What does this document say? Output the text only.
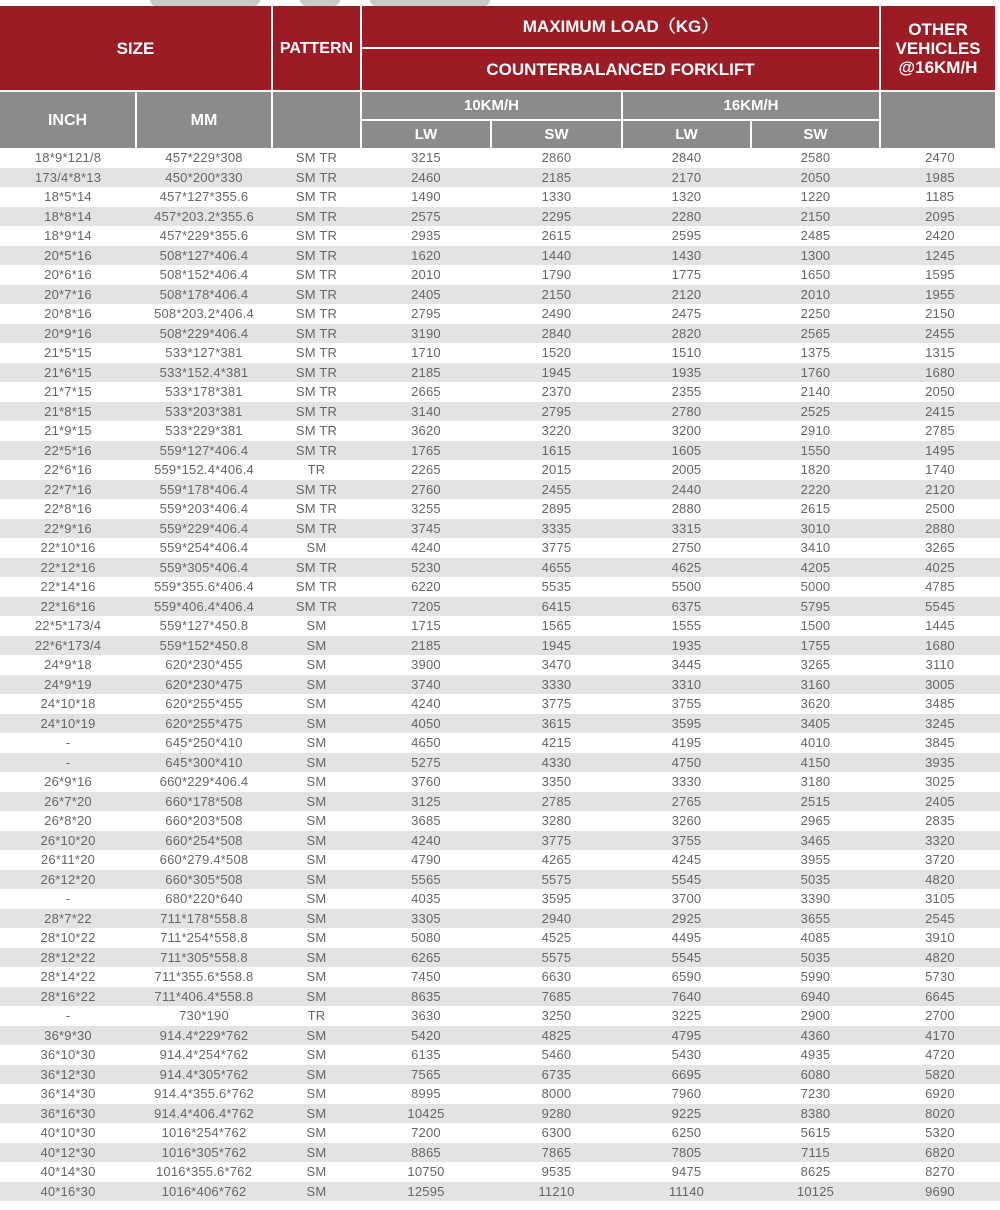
SIZE	PATTERN
MAXIMUM LOAD（KG）
COUNTERBALANCED FORKLIFT
OTHER VEHICLES @16KM/H
INCH	MM
10KM/H	16KM/H
LW	SW	LW	SW
18*9*121/8	457*229*308	SM TR	3215	2860	2840	2580	2470
173/4*8*13	450*200*330	SM TR	2460	2185	2170	2050	1985
18*5*14	457*127*355.6	SM TR	1490	1330	1320	1220	1185
18*8*14	457*203.2*355.6	SM TR	2575	2295	2280	2150	2095
18*9*14	457*229*355.6	SM TR	2935	2615	2595	2485	2420
20*5*16	508*127*406.4	SM TR	1620	1440	1430	1300	1245
20*6*16	508*152*406.4	SM TR	2010	1790	1775	1650	1595
20*7*16	508*178*406.4	SM TR	2405	2150	2120	2010	1955
20*8*16	508*203.2*406.4	SM TR	2795	2490	2475	2250	2150
20*9*16	508*229*406.4	SM TR	3190	2840	2820	2565	2455
21*5*15	533*127*381	SM TR	1710	1520	1510	1375	1315
21*6*15	533*152.4*381	SM TR	2185	1945	1935	1760	1680
21*7*15	533*178*381	SM TR	2665	2370	2355	2140	2050
21*8*15	533*203*381	SM TR	3140	2795	2780	2525	2415
21*9*15	533*229*381	SM TR	3620	3220	3200	2910	2785
22*5*16	559*127*406.4	SM TR	1765	1615	1605	1550	1495
22*6*16	559*152.4*406.4	TR	2265	2015	2005	1820	1740
22*7*16	559*178*406.4	SM TR	2760	2455	2440	2220	2120
22*8*16	559*203*406.4	SM TR	3255	2895	2880	2615	2500
22*9*16	559*229*406.4	SM TR	3745	3335	3315	3010	2880
22*10*16	559*254*406.4	SM	4240	3775	2750	3410	3265
22*12*16	559*305*406.4	SM TR	5230	4655	4625	4205	4025
22*14*16	559*355.6*406.4	SM TR	6220	5535	5500	5000	4785
22*16*16	559*406.4*406.4	SM TR	7205	6415	6375	5795	5545
22*5*173/4	559*127*450.8	SM	1715	1565	1555	1500	1445
22*6*173/4	559*152*450.8	SM	2185	1945	1935	1755	1680
24*9*18	620*230*455	SM	3900	3470	3445	3265	3110
24*9*19	620*230*475	SM	3740	3330	3310	3160	3005
24*10*18	620*255*455	SM	4240	3775	3755	3620	3485
24*10*19	620*255*475	SM	4050	3615	3595	3405	3245
-	645*250*410	SM	4650	4215	4195	4010	3845
-	645*300*410	SM	5275	4330	4750	4150	3935
26*9*16	660*229*406.4	SM	3760	3350	3330	3180	3025
26*7*20	660*178*508	SM	3125	2785	2765	2515	2405
26*8*20	660*203*508	SM	3685	3280	3260	2965	2835
26*10*20	660*254*508	SM	4240	3775	3755	3465	3320
26*11*20	660*279.4*508	SM	4790	4265	4245	3955	3720
26*12*20	660*305*508	SM	5565	5575	5545	5035	4820
-	680*220*640	SM	4035	3595	3700	3390	3105
28*7*22	711*178*558.8	SM	3305	2940	2925	3655	2545
28*10*22	711*254*558.8	SM	5080	4525	4495	4085	3910
28*12*22	711*305*558.8	SM	6265	5575	5545	5035	4820
28*14*22	711*355.6*558.8	SM	7450	6630	6590	5990	5730
28*16*22	711*406.4*558.8	SM	8635	7685	7640	6940	6645
-	730*190	TR	3630	3250	3225	2900	2700
36*9*30	914.4*229*762	SM	5420	4825	4795	4360	4170
36*10*30	914.4*254*762	SM	6135	5460	5430	4935	4720
36*12*30	914.4*305*762	SM	7565	6735	6695	6080	5820
36*14*30	914.4*355.6*762	SM	8995	8000	7960	7230	6920
36*16*30	914.4*406.4*762	SM	10425	9280	9225	8380	8020
40*10*30	1016*254*762	SM	7200	6300	6250	5615	5320
40*12*30	1016*305*762	SM	8865	7865	7805	7115	6820
40*14*30	1016*355.6*762	SM	10750	9535	9475	8625	8270
40*16*30	1016*406*762	SM	12595	11210	11140	10125	9690
